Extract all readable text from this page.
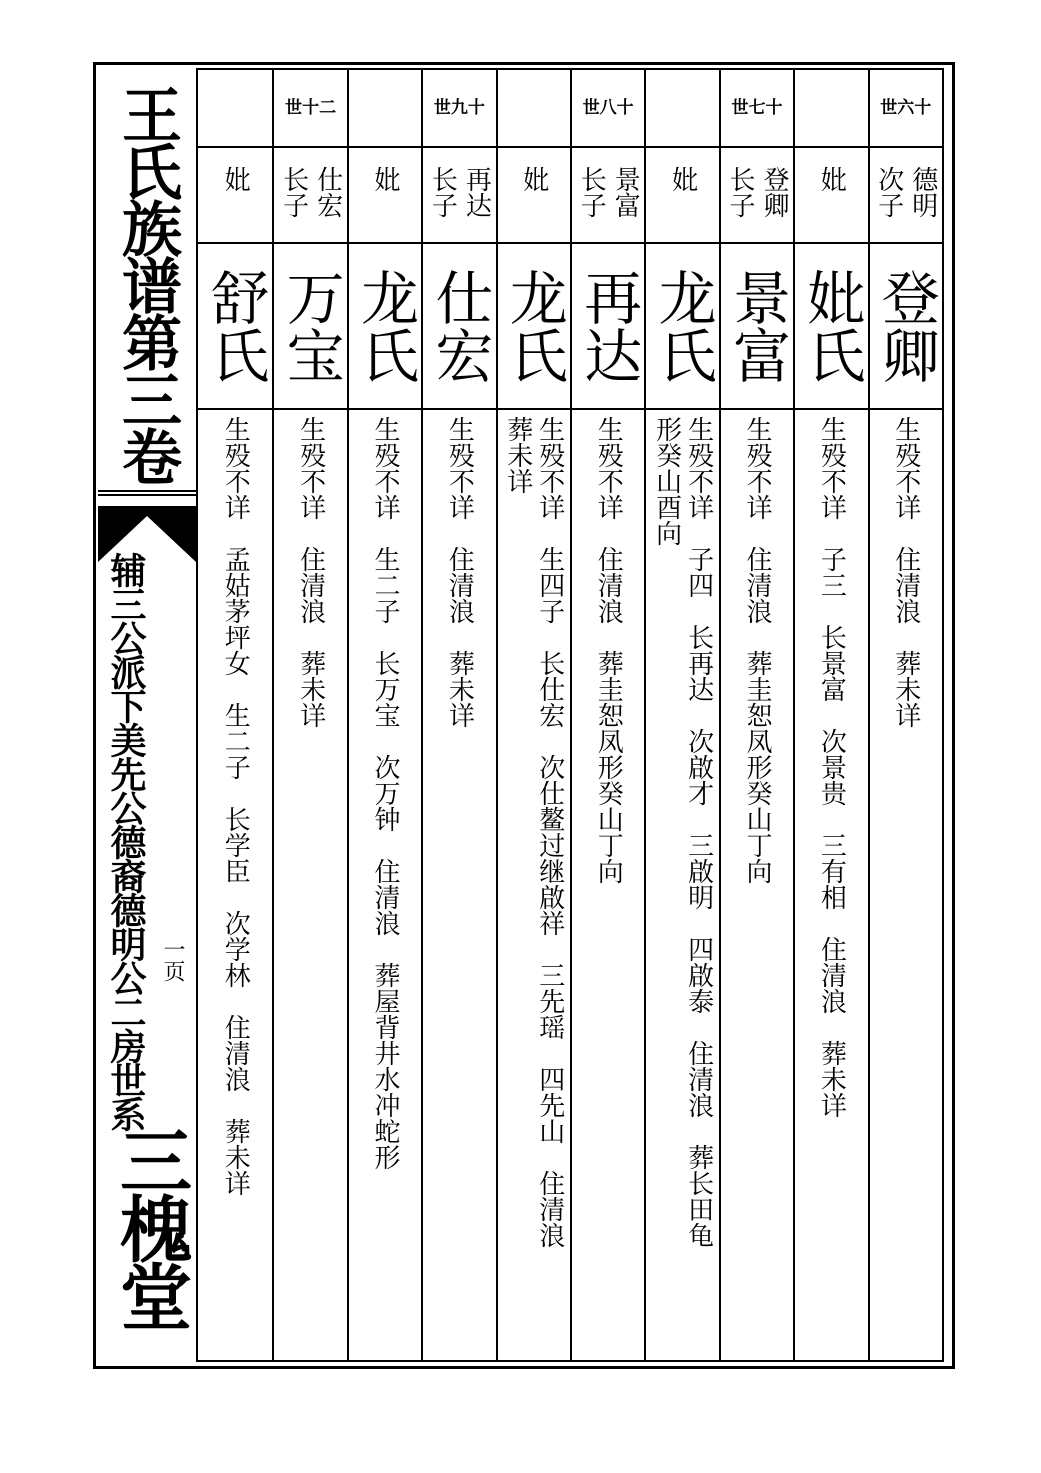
王氏族谱第三卷
辅三公派下美先公德裔德明公二房世系 一页
三槐堂
世六十
德明
次子
登卿
生殁不详　住清浪　葬未详
妣
妣氏
生殁不详　子三　长景富　次景贵　三有相　住清浪　葬未详
世七十
登卿
长子
景富
生殁不详　住清浪　葬圭恕凤形癸山丁向
妣
龙氏
生殁不详　子四　长再达　次啟才　三啟明　四啟泰　住清浪　葬长田龟
形癸山酉向
世八十
景富
长子
再达
生殁不详　住清浪　葬圭恕凤形癸山丁向
妣
龙氏
生殁不详　生四子　长仕宏　次仕鳌过继啟祥　三先瑶　四先山　住清浪
葬未详
世九十
再达
长子
仕宏
生殁不详　住清浪　葬未详
妣
龙氏
生殁不详　生二子　长万宝　次万钟　住清浪　葬屋背井水冲蛇形
世十二
仕宏
长子
万宝
生殁不详　住清浪　葬未详
妣
舒氏
生殁不详　孟姑茅坪女　生二子　长学臣　次学林　住清浪　葬未详
